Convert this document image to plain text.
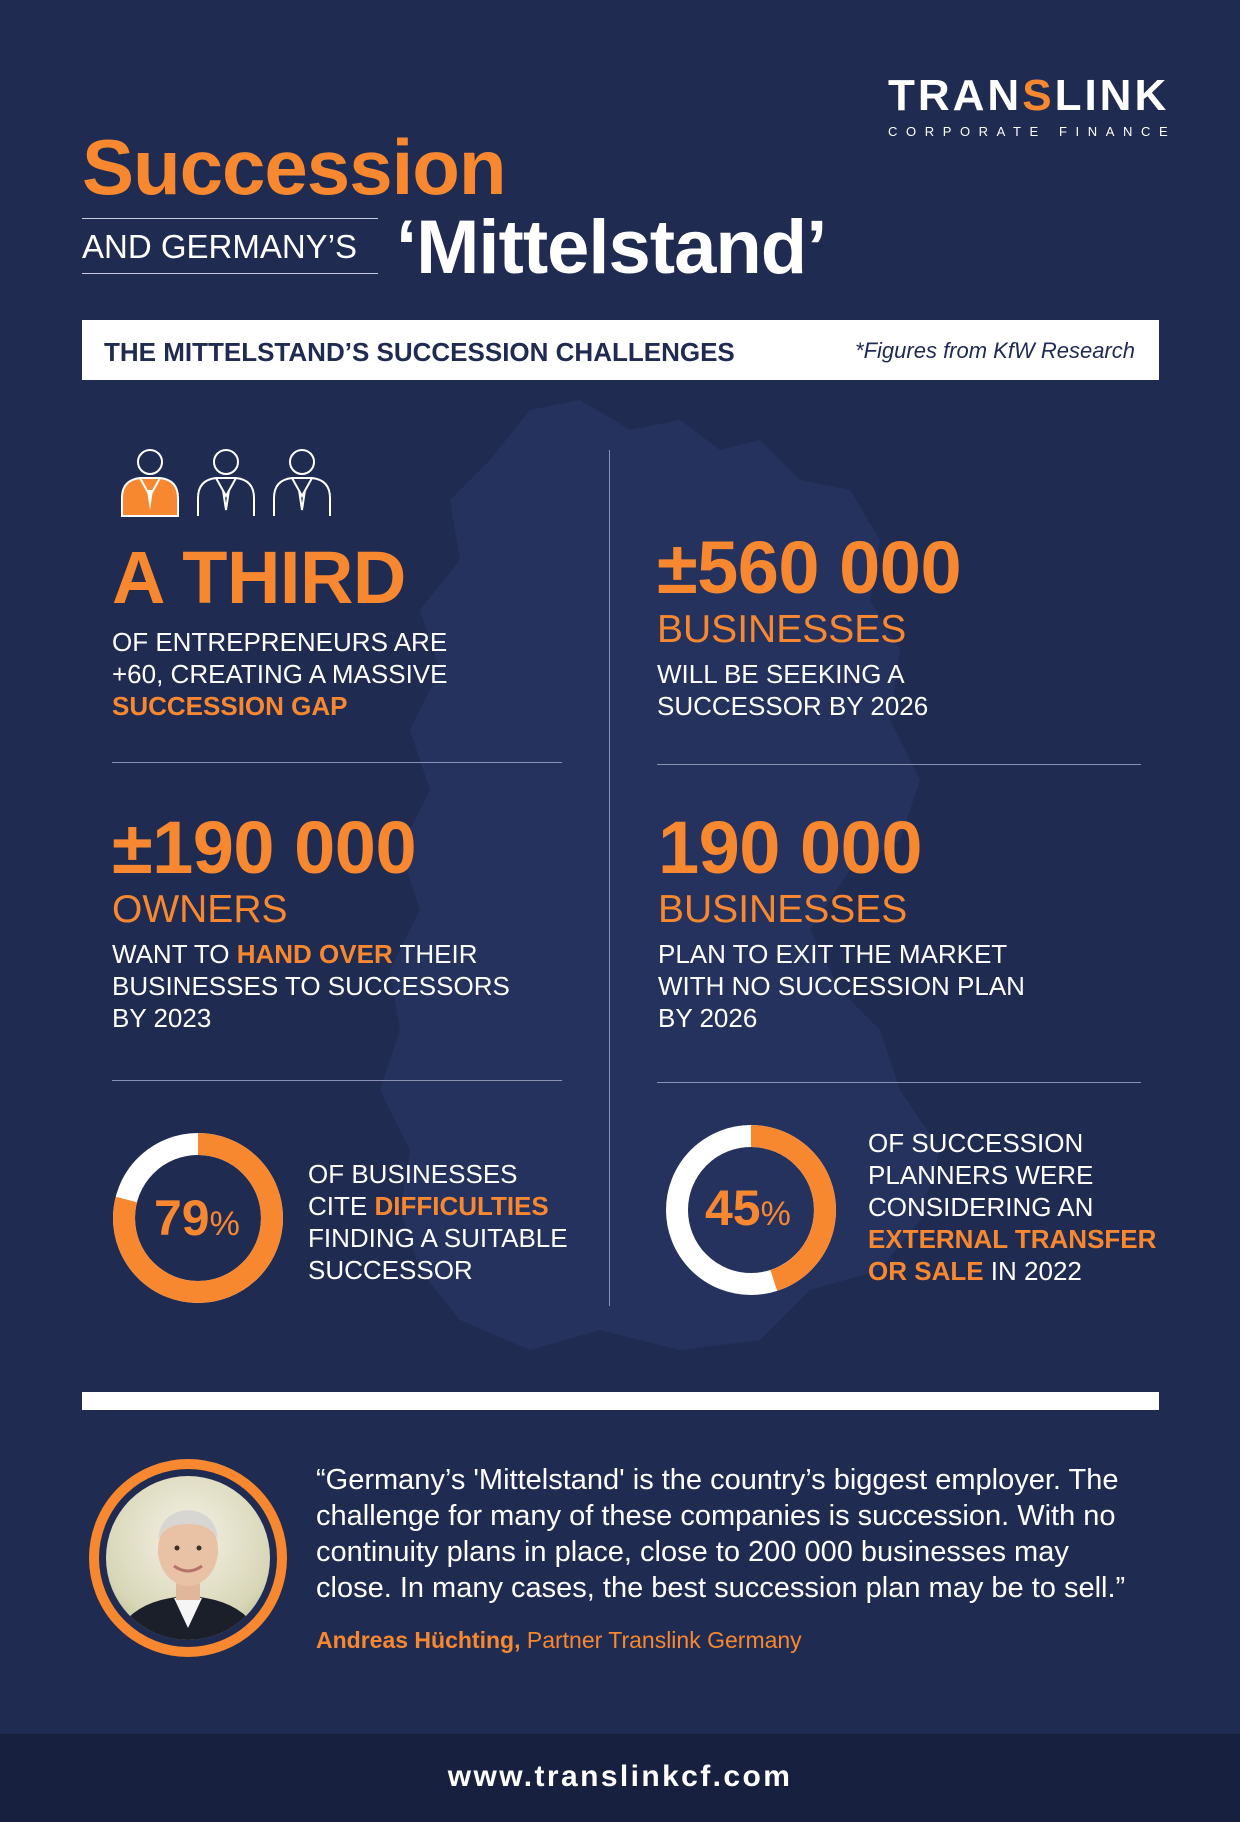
TRANSLINK
CORPORATE FINANCE
Succession
AND GERMANY’S ‘Mittelstand’
THE MITTELSTAND’S SUCCESSION CHALLENGES	*Figures from KfW Research
A THIRD
OF ENTREPRENEURS ARE
+60, CREATING A MASSIVE
SUCCESSION GAP
±560 000
BUSINESSES
WILL BE SEEKING A
SUCCESSOR BY 2026
±190 000
OWNERS
WANT TO HAND OVER THEIR
BUSINESSES TO SUCCESSORS
BY 2023
190 000
BUSINESSES
PLAN TO EXIT THE MARKET
WITH NO SUCCESSION PLAN
BY 2026
79%
OF BUSINESSES
CITE DIFFICULTIES
FINDING A SUITABLE
SUCCESSOR
45%
OF SUCCESSION
PLANNERS WERE
CONSIDERING AN
EXTERNAL TRANSFER
OR SALE IN 2022
“Germany’s 'Mittelstand' is the country’s biggest employer. The
challenge for many of these companies is succession. With no
continuity plans in place, close to 200 000 businesses may
close. In many cases, the best succession plan may be to sell.”
Andreas Hüchting, Partner Translink Germany
www.translinkcf.com
